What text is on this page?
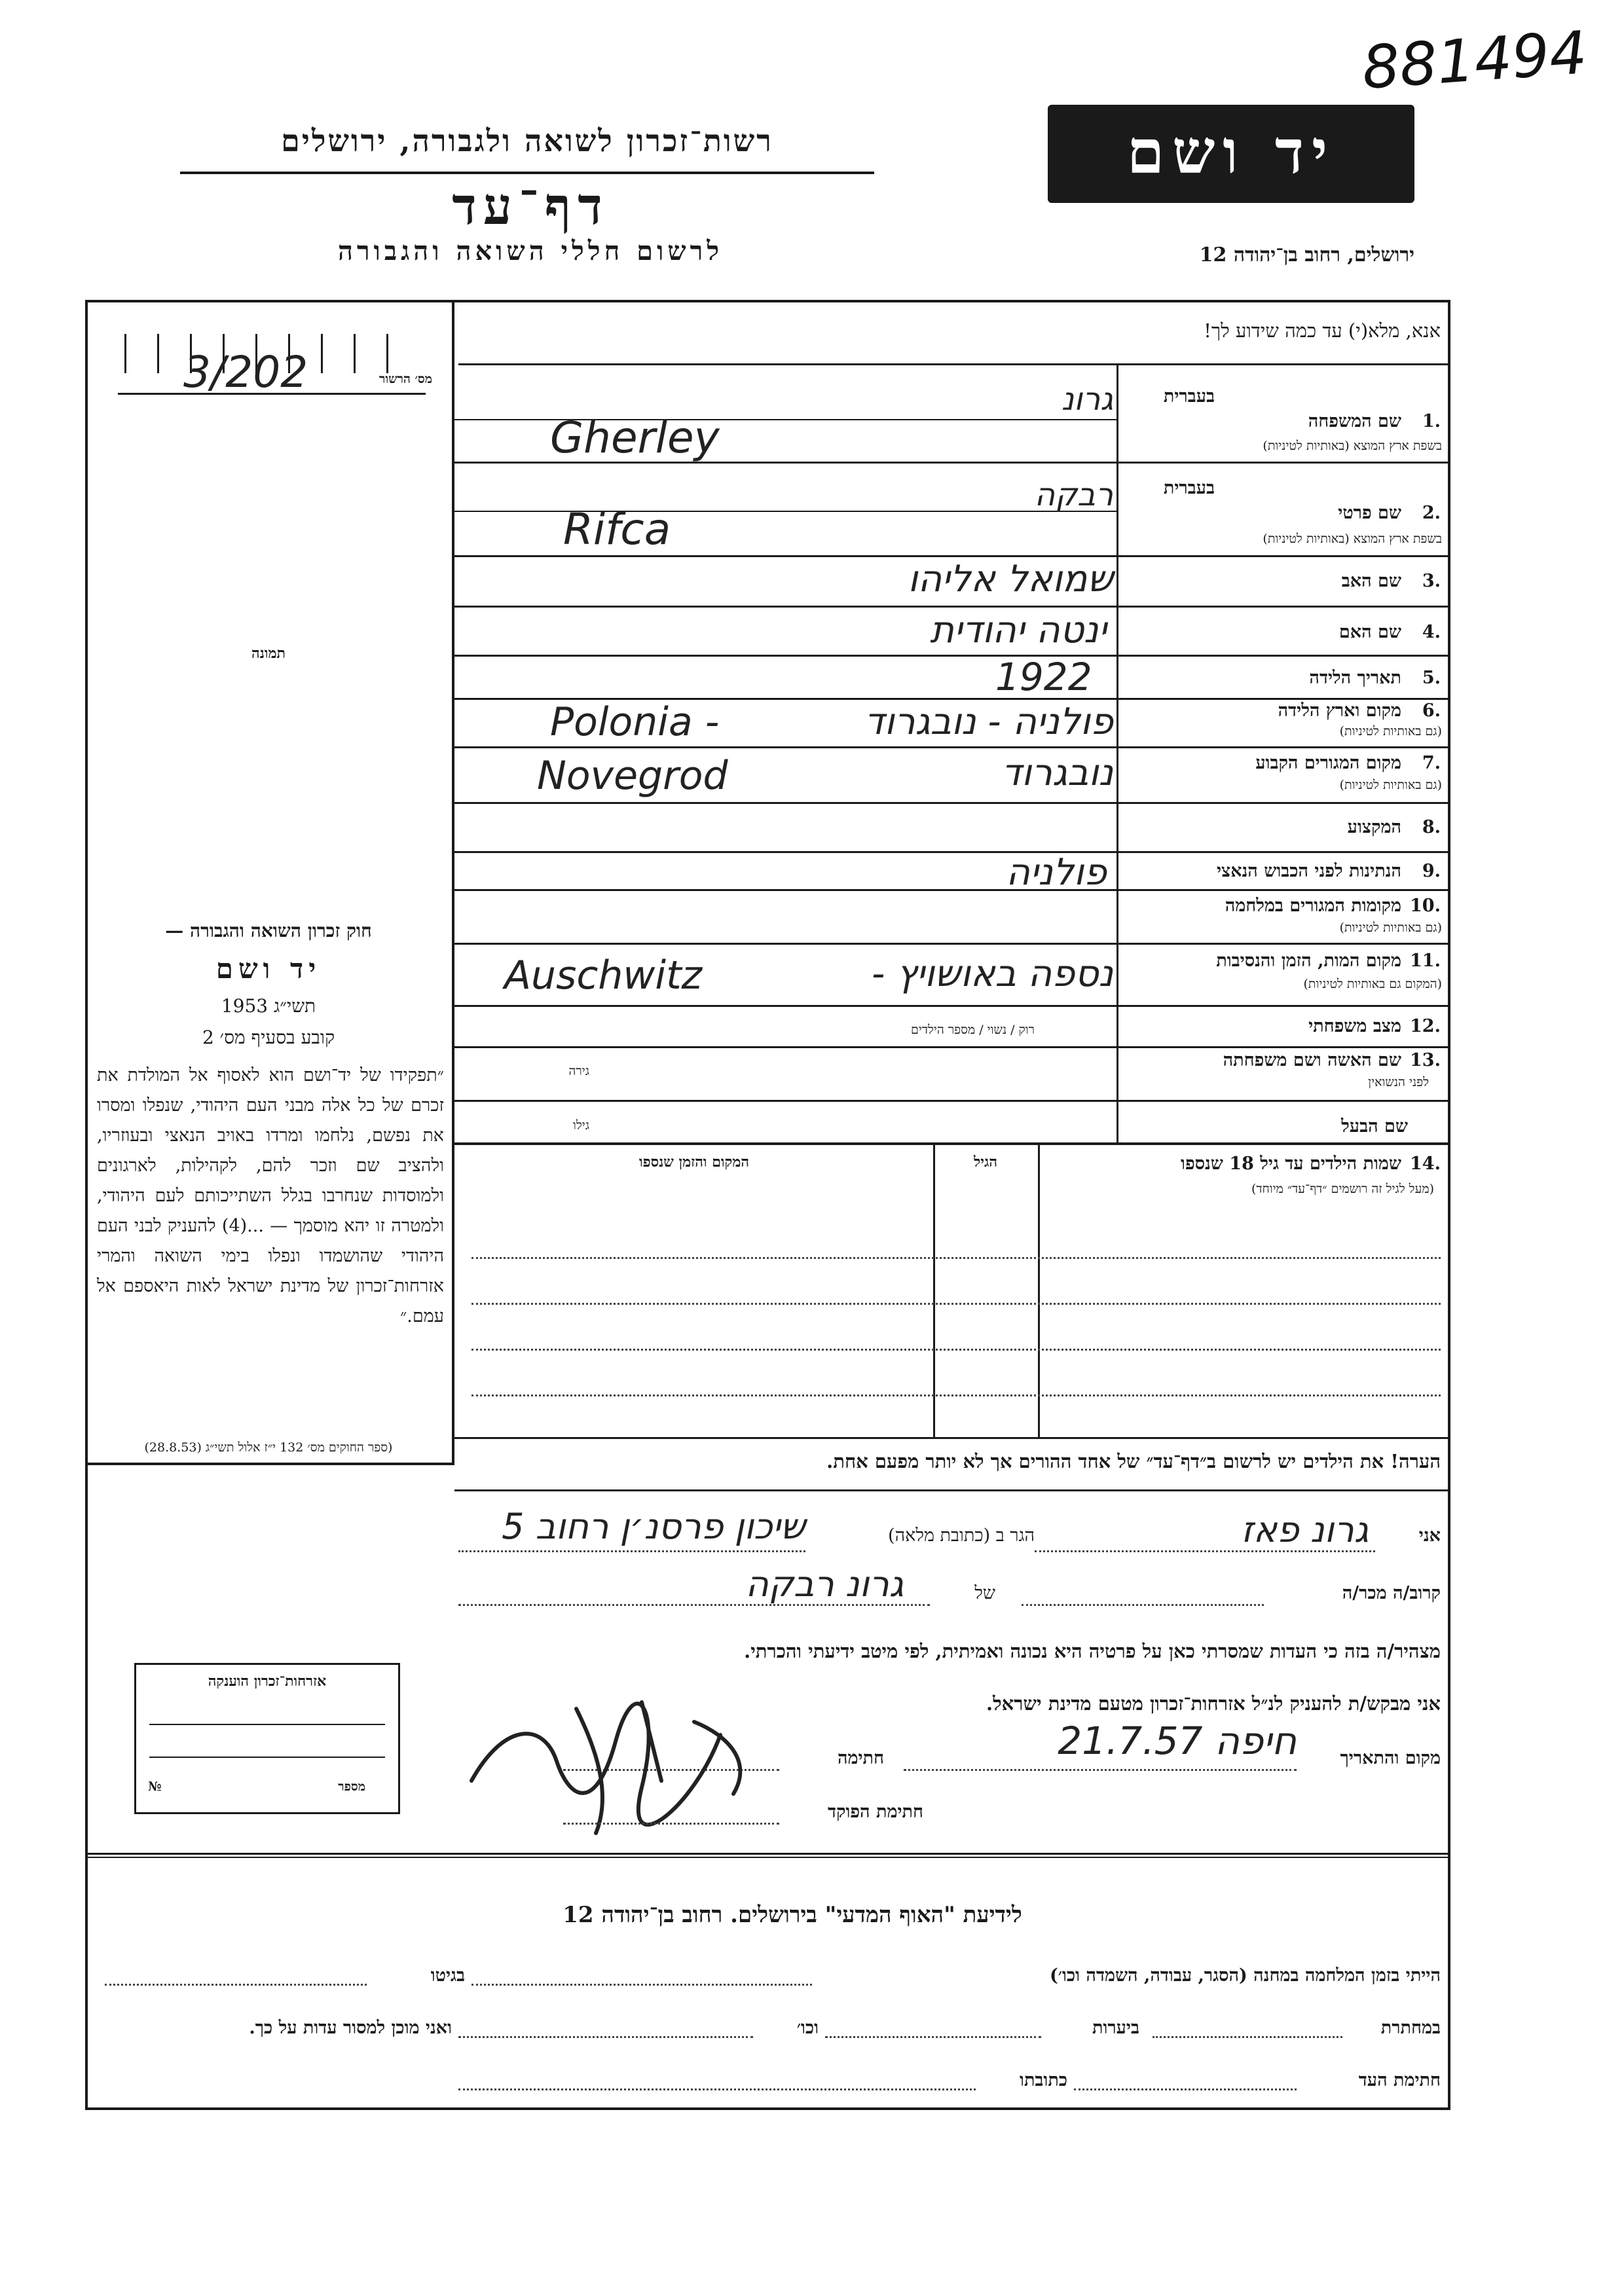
881494
רשות־זכרון לשואה ולגבורה, ירושלים
דף־עד
לרשום חללי השואה והגבורה
יד ושם
ירושלים, רחוב בן־יהודה 12
אנא, מלא(י) עד כמה שידוע לך!
3/202	מס׳ הרשור
תמונה
חוק זכרון השואה והגבורה —
יד ושם
תשי״ג 1953
קובע בסעיף מס׳ 2
״תפקידו של יד־ושם הוא לאסוף אל המולדת את זכרם של כל אלה מבני העם היהודי, שנפלו ומסרו את נפשם, נלחמו ומרדו באויב הנאצי ובעוזריו, ולהציב שם וזכר להם, לקהילות, לארגונים ולמוסדות שנחרבו בגלל השתייכותם לעם היהודי, ולמטרה זו יהא מוסמך — ...(4) להעניק לבני העם היהודי שהושמדו ונפלו בימי השואה והמרי אזרחות־זכרון של מדינת ישראל לאות היאספם אל עמם.״
(ספר החוקים מס׳ 132 י״ז אלול תשי״ג (28.8.53)
1.
שם המשפחה
בעברית
בשפת ארץ המוצא (באותיות לטיניות)
גרונ
Gherley
2.
שם פרטי
בעברית
בשפת ארץ המוצא (באותיות לטיניות)
רבקה
Rifca
3.
שם האב
שמואל אליהו
4.
שם האם
ינטה יהודית
5.
תאריך הלידה
1922
6.
מקום וארץ הלידה
(גם באותיות לטיניות)
פולניה - נובגרוד
Polonia -
7.
מקום המגורים הקבוע
(גם באותיות לטיניות)
נובגרוד
Novegrod
8.
המקצוע
9.
הנתינות לפני הכבוש הנאצי
פולניה
10.
מקומות המגורים במלחמה
(גם באותיות לטיניות)
11.
מקום המות, הזמן והנסיבות
(המקום גם באותיות לטיניות)
נספה באושויץ -
Auschwitz
12.
מצב משפחתי
רוק / נשוי / מספר הילדים
13.
שם האשה ושם משפחתה
לפני הנשואין
גירה
שם הבעל
גילו
14.
שמות הילדים עד גיל 18 שנספו
(מעל לגיל זה רושמים ״דף־עד״ מיוחד)
הגיל
המקום והזמן שנספו
הערה! את הילדים יש לרשום ב״דף־עד״ של אחד ההורים אך לא יותר מפעם אחת.
אני
גרונ פאז
הגר ב (כתובת מלאה)
שיכון פרסנ׳ן רחוב 5
קרוב/ה מכר/ה
של
גרונ רבקה
מצהיר/ה בזה כי העדות שמסרתי כאן על פרטיה היא נכונה ואמיתית, לפי מיטב ידיעתי והכרתי.
אני מבקש/ת להעניק לנ״ל אזרחות־זכרון מטעם מדינת ישראל.
מקום והתאריך
חיפה 21.7.57
חתימה
חתימת הפוקד
אזרחות־זכרון הוענקה
מספר
№
לידיעת "האוף המדעי" בירושלים. רחוב בן־יהודה 12
הייתי בזמן המלחמה במחנה (הסגר, עבודה, השמדה וכו׳)
בגיטו
במחתרת
ביערות
וכו׳
ואני מוכן למסור עדות על כך.
חתימת העד
כתובתו
